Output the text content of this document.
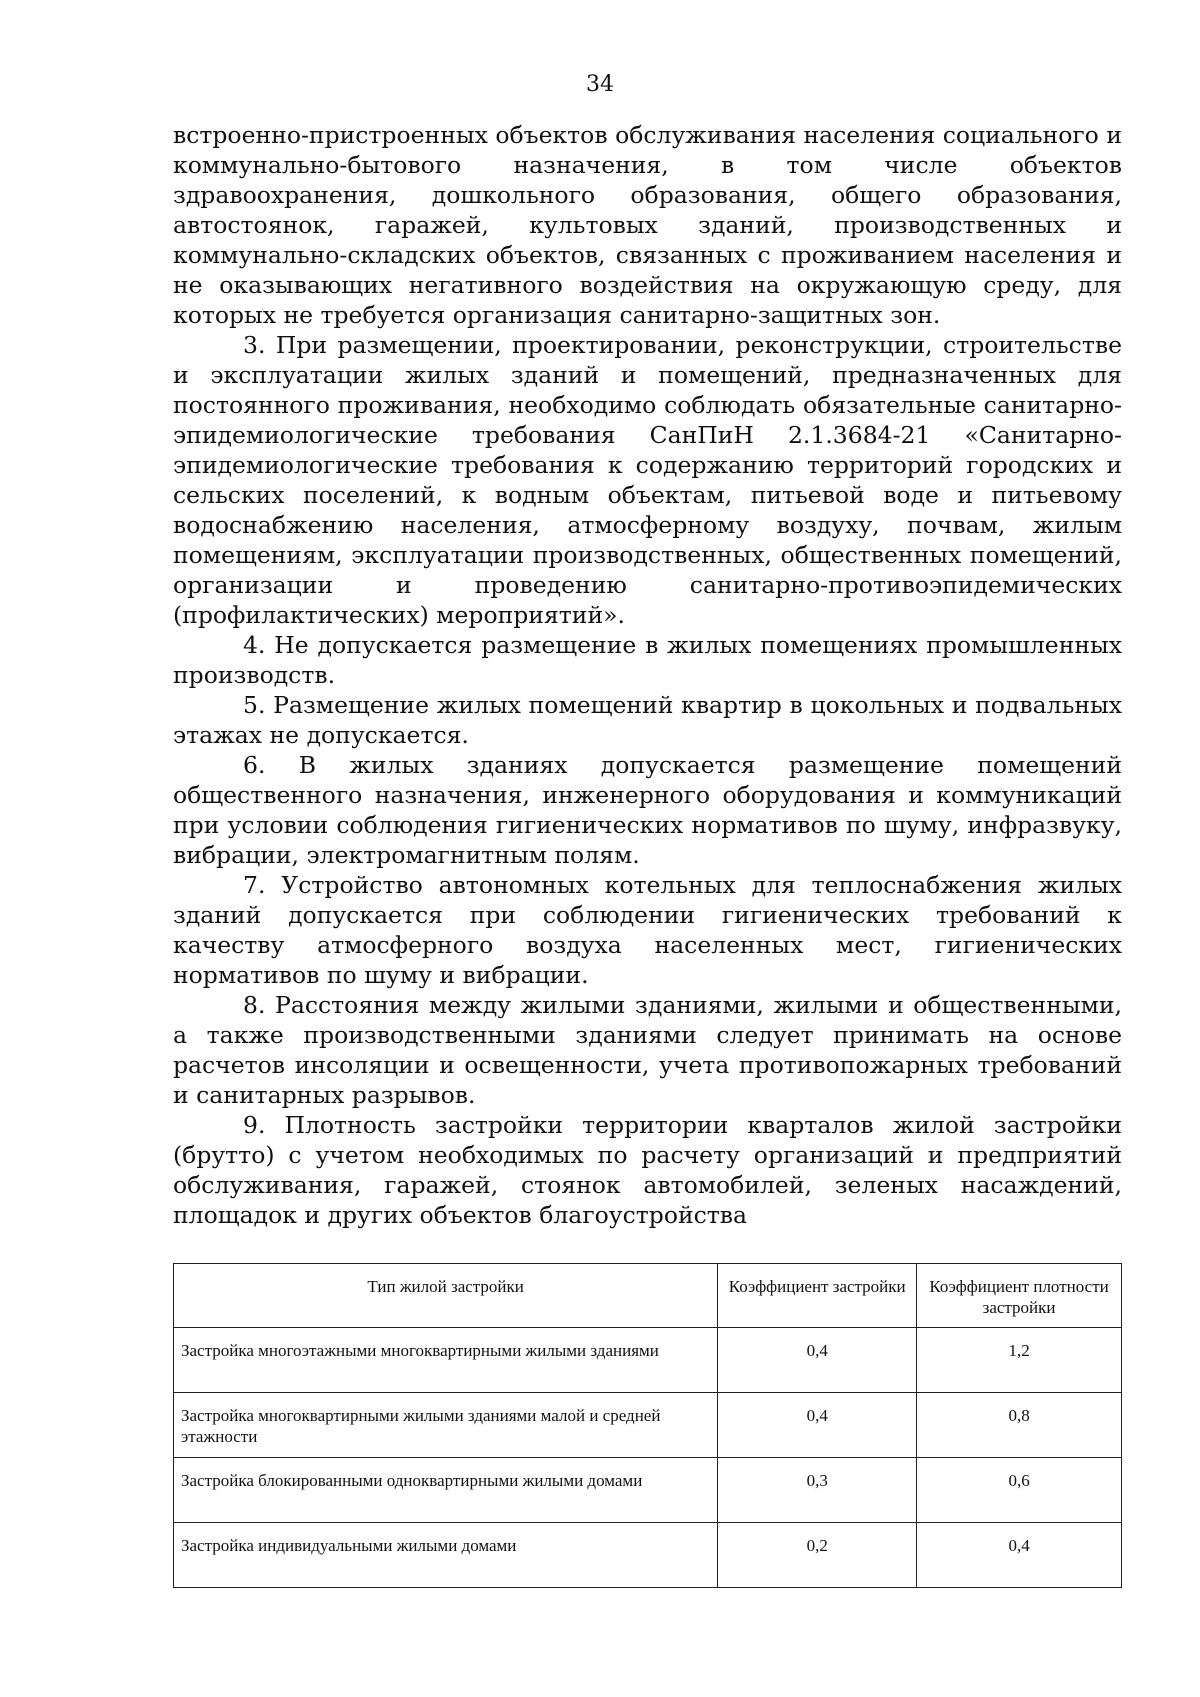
34

встроенно-пристроенных объектов обслуживания населения социального и коммунально-бытового назначения, в том числе объектов здравоохранения, дошкольного образования, общего образования, автостоянок, гаражей, культовых зданий, производственных и коммунально-складских объектов, связанных с проживанием населения и не оказывающих негативного воздействия на окружающую среду, для которых не требуется организация санитарно-защитных зон.

3. При размещении, проектировании, реконструкции, строительстве и эксплуатации жилых зданий и помещений, предназначенных для постоянного проживания, необходимо соблюдать обязательные санитарно-эпидемиологические требования СанПиН 2.1.3684-21 «Санитарно-эпидемиологические требования к содержанию территорий городских и сельских поселений, к водным объектам, питьевой воде и питьевому водоснабжению населения, атмосферному воздуху, почвам, жилым помещениям, эксплуатации производственных, общественных помещений, организации и проведению санитарно-противоэпидемических (профилактических) мероприятий».

4. Не допускается размещение в жилых помещениях промышленных производств.

5. Размещение жилых помещений квартир в цокольных и подвальных этажах не допускается.

6. В жилых зданиях допускается размещение помещений общественного назначения, инженерного оборудования и коммуникаций при условии соблюдения гигиенических нормативов по шуму, инфразвуку, вибрации, электромагнитным полям.

7. Устройство автономных котельных для теплоснабжения жилых зданий допускается при соблюдении гигиенических требований к качеству атмосферного воздуха населенных мест, гигиенических нормативов по шуму и вибрации.

8. Расстояния между жилыми зданиями, жилыми и общественными, а также производственными зданиями следует принимать на основе расчетов инсоляции и освещенности, учета противопожарных требований и санитарных разрывов.

9. Плотность застройки территории кварталов жилой застройки (брутто) с учетом необходимых по расчету организаций и предприятий обслуживания, гаражей, стоянок автомобилей, зеленых насаждений, площадок и других объектов благоустройства

Тип жилой застройки	Коэффициент застройки	Коэффициент плотности застройки
Застройка многоэтажными многоквартирными жилыми зданиями	0,4	1,2
Застройка многоквартирными жилыми зданиями малой и средней этажности	0,4	0,8
Застройка блокированными одноквартирными жилыми домами	0,3	0,6
Застройка индивидуальными жилыми домами	0,2	0,4
